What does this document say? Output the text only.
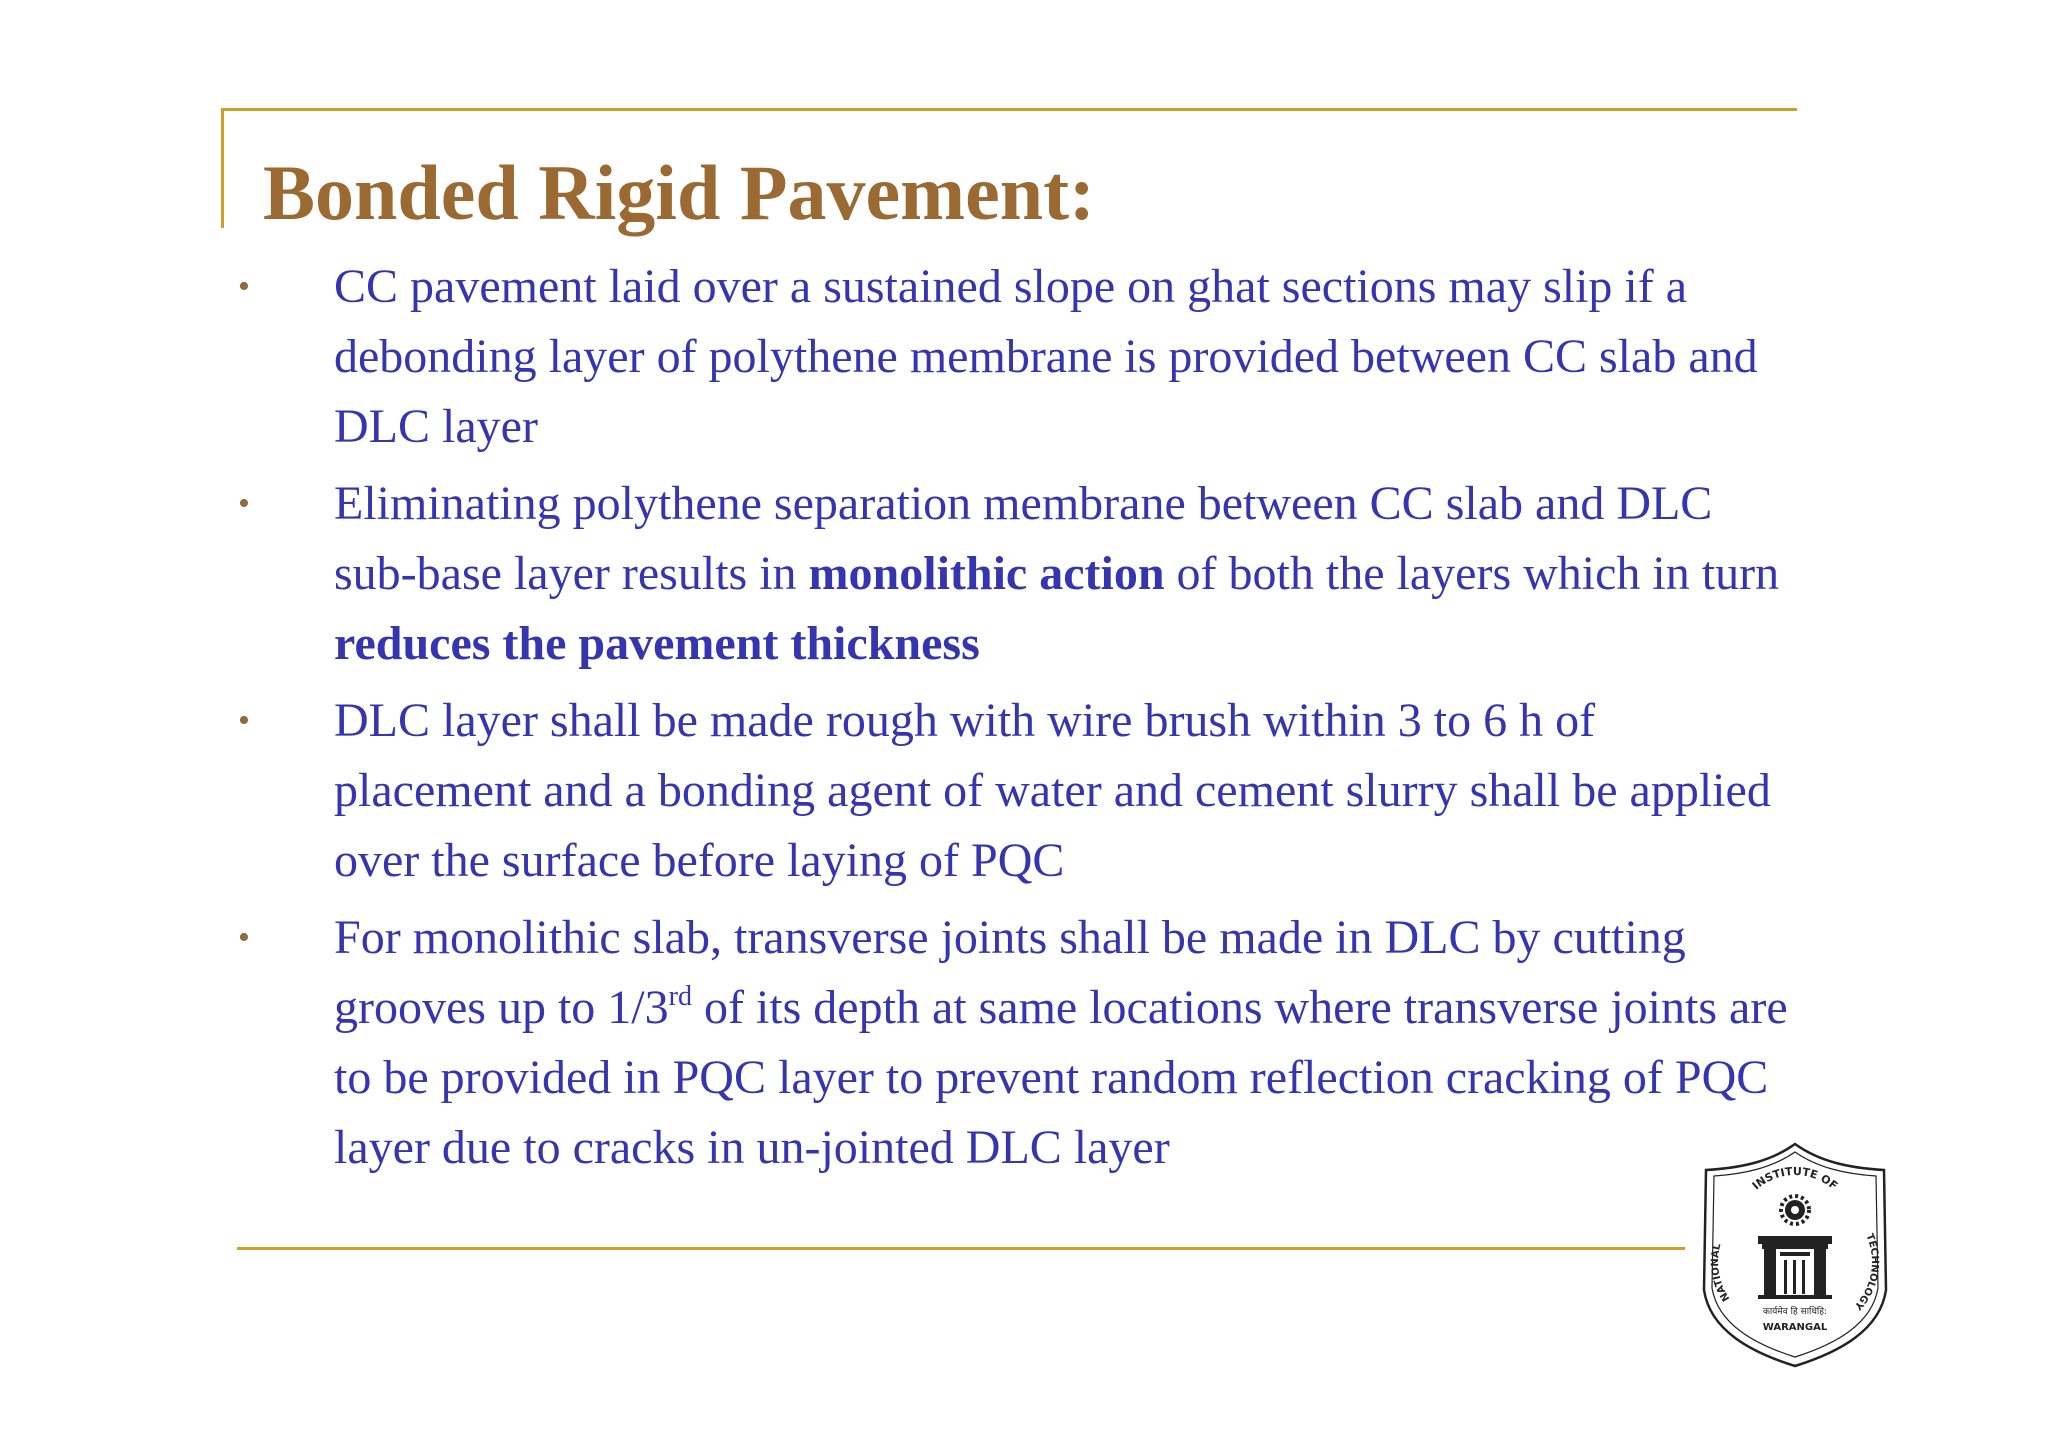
Bonded Rigid Pavement:
• CC pavement laid over a sustained slope on ghat sections may slip if a debonding layer of polythene membrane is provided between CC slab and DLC layer
• Eliminating polythene separation membrane between CC slab and DLC sub-base layer results in monolithic action of both the layers which in turn reduces the pavement thickness
• DLC layer shall be made rough with wire brush within 3 to 6 h of placement and a bonding agent of water and cement slurry shall be applied over the surface before laying of PQC
• For monolithic slab, transverse joints shall be made in DLC by cutting grooves up to 1/3rd of its depth at same locations where transverse joints are to be provided in PQC layer to prevent random reflection cracking of PQC layer due to cracks in un-jointed DLC layer
INSTITUTE OF
NATIONAL
TECHNOLOGY
कार्यमेव हि साधिहि:
WARANGAL
